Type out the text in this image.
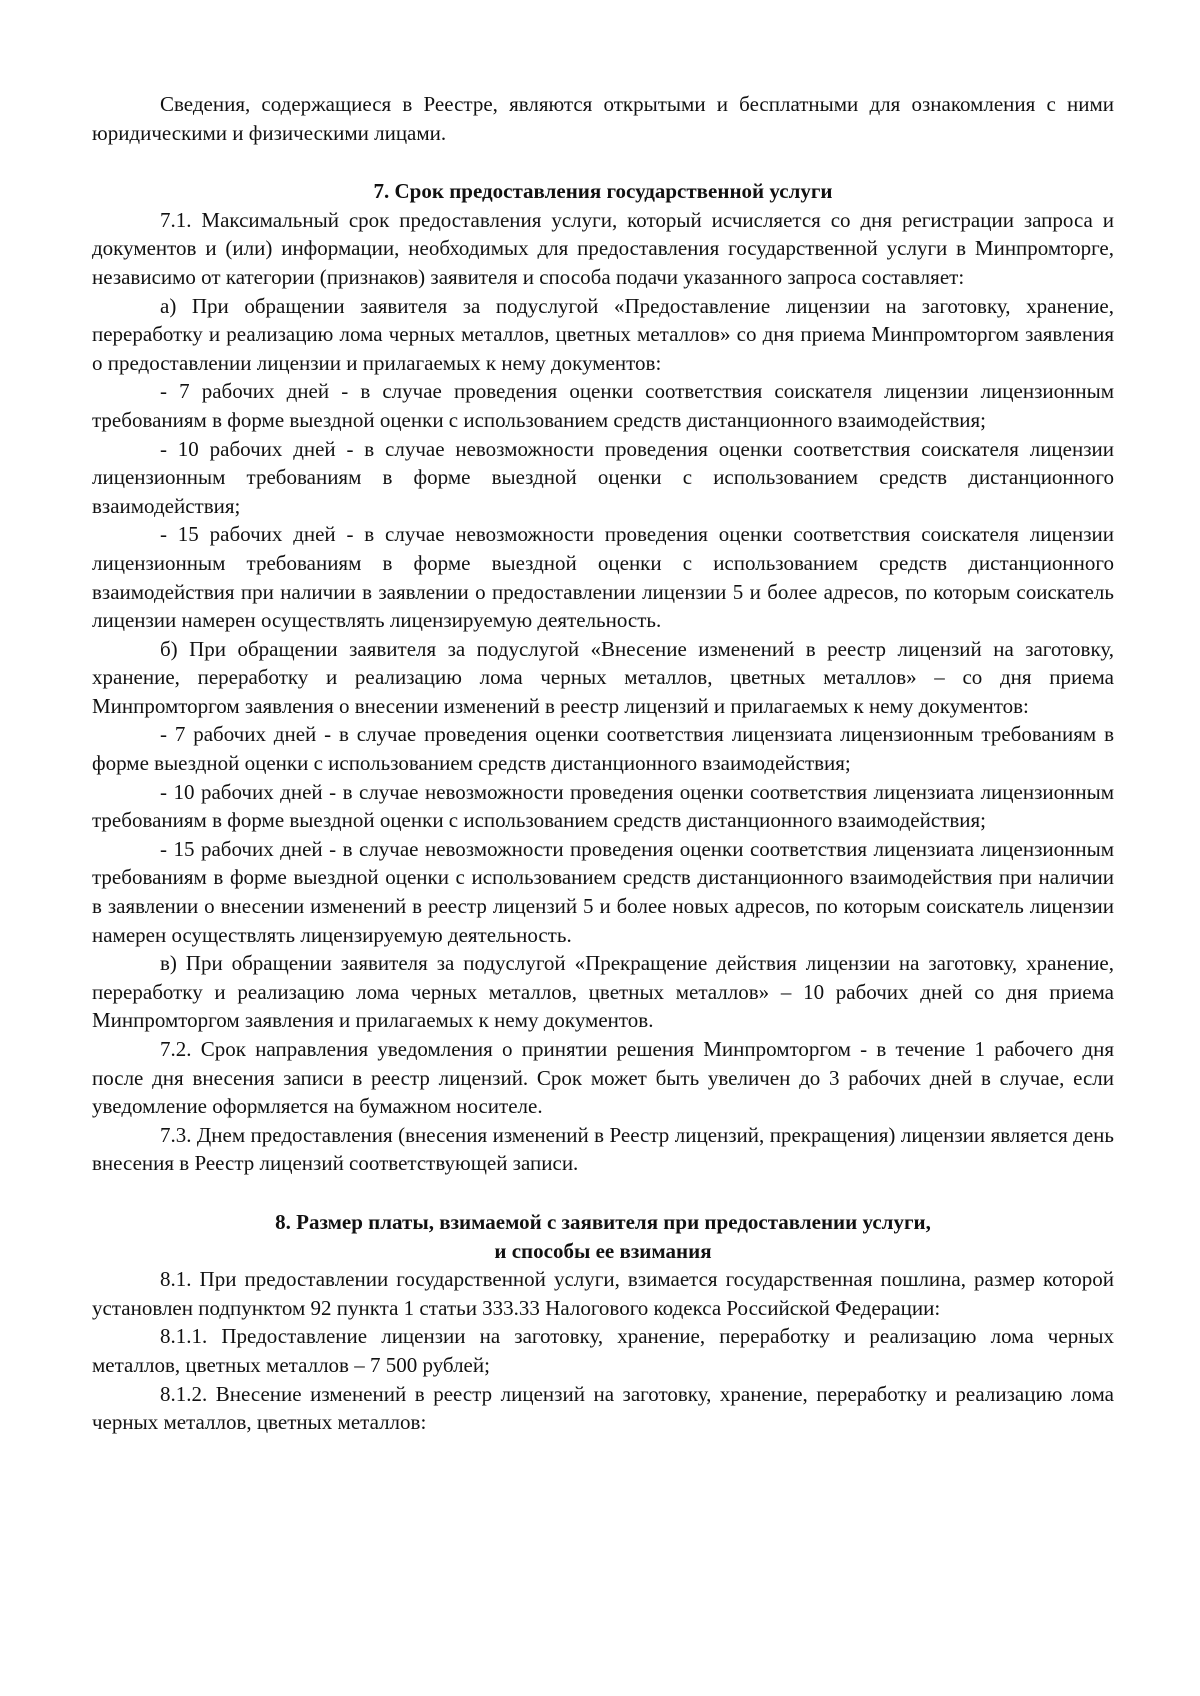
Сведения, содержащиеся в Реестре, являются открытыми и бесплатными для ознакомления с ними юридическими и физическими лицами.

7. Срок предоставления государственной услуги

7.1. Максимальный срок предоставления услуги, который исчисляется со дня регистрации запроса и документов и (или) информации, необходимых для предоставления государственной услуги в Минпромторге, независимо от категории (признаков) заявителя и способа подачи указанного запроса составляет:

а) При обращении заявителя за подуслугой «Предоставление лицензии на заготовку, хранение, переработку и реализацию лома черных металлов, цветных металлов» со дня приема Минпромторгом заявления о предоставлении лицензии и прилагаемых к нему документов:

- 7 рабочих дней - в случае проведения оценки соответствия соискателя лицензии лицензионным требованиям в форме выездной оценки с использованием средств дистанционного взаимодействия;

- 10 рабочих дней - в случае невозможности проведения оценки соответствия соискателя лицензии лицензионным требованиям в форме выездной оценки с использованием средств дистанционного взаимодействия;

- 15 рабочих дней - в случае невозможности проведения оценки соответствия соискателя лицензии лицензионным требованиям в форме выездной оценки с использованием средств дистанционного взаимодействия при наличии в заявлении о предоставлении лицензии 5 и более адресов, по которым соискатель лицензии намерен осуществлять лицензируемую деятельность.

б) При обращении заявителя за подуслугой «Внесение изменений в реестр лицензий на заготовку, хранение, переработку и реализацию лома черных металлов, цветных металлов» – со дня приема Минпромторгом заявления о внесении изменений в реестр лицензий и прилагаемых к нему документов:

- 7 рабочих дней - в случае проведения оценки соответствия лицензиата лицензионным требованиям в форме выездной оценки с использованием средств дистанционного взаимодействия;

- 10 рабочих дней - в случае невозможности проведения оценки соответствия лицензиата лицензионным требованиям в форме выездной оценки с использованием средств дистанционного взаимодействия;

- 15 рабочих дней - в случае невозможности проведения оценки соответствия лицензиата лицензионным требованиям в форме выездной оценки с использованием средств дистанционного взаимодействия при наличии в заявлении о внесении изменений в реестр лицензий 5 и более новых адресов, по которым соискатель лицензии намерен осуществлять лицензируемую деятельность.

в) При обращении заявителя за подуслугой «Прекращение действия лицензии на заготовку, хранение, переработку и реализацию лома черных металлов, цветных металлов» – 10 рабочих дней со дня приема Минпромторгом заявления и прилагаемых к нему документов.

7.2. Срок направления уведомления о принятии решения Минпромторгом - в течение 1 рабочего дня после дня внесения записи в реестр лицензий. Срок может быть увеличен до 3 рабочих дней в случае, если уведомление оформляется на бумажном носителе.

7.3. Днем предоставления (внесения изменений в Реестр лицензий, прекращения) лицензии является день внесения в Реестр лицензий соответствующей записи.

8. Размер платы, взимаемой с заявителя при предоставлении услуги,
и способы ее взимания

8.1. При предоставлении государственной услуги, взимается государственная пошлина, размер которой установлен подпунктом 92 пункта 1 статьи 333.33 Налогового кодекса Российской Федерации:

8.1.1. Предоставление лицензии на заготовку, хранение, переработку и реализацию лома черных металлов, цветных металлов – 7 500 рублей;

8.1.2. Внесение изменений в реестр лицензий на заготовку, хранение, переработку и реализацию лома черных металлов, цветных металлов:
